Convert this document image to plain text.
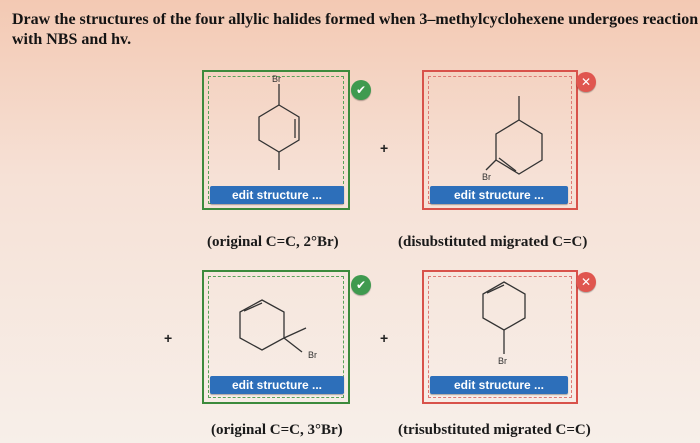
Draw the structures of the four allylic halides formed when 3–methylcyclohexene undergoes reaction
with NBS and hv.
Br
edit structure ...
✔
+
Br
edit structure ...
✕
(original C=C, 2°Br)	(disubstituted migrated C=C)
+
Br
edit structure ...
✔
+
Br
edit structure ...
✕
(original C=C, 3°Br)	(trisubstituted migrated C=C)
